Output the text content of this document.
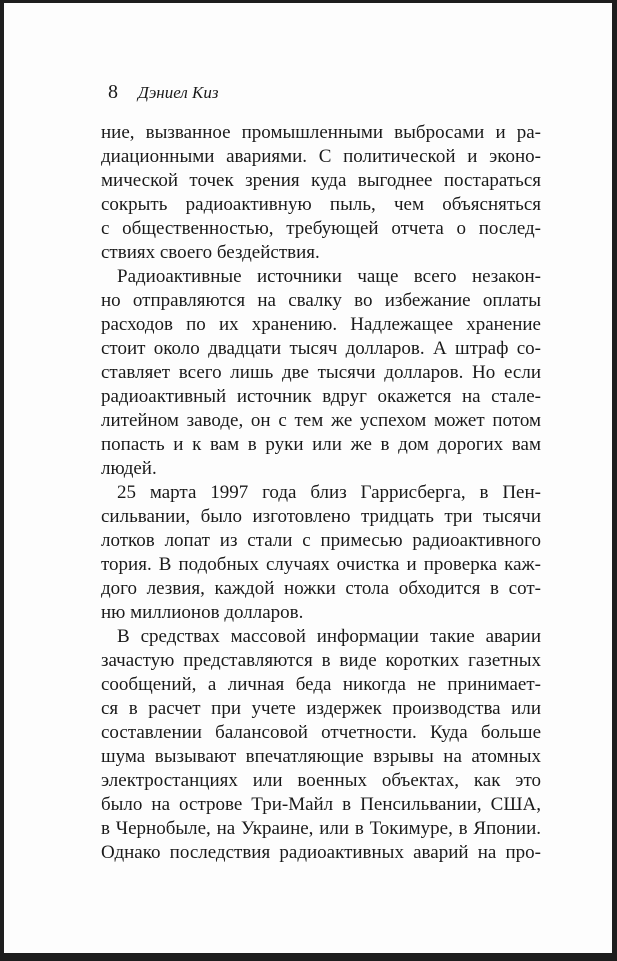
8 Дэниел Киз
ние, вызванное промышленными выбросами и ра-
диационными авариями. С политической и эконо-
мической точек зрения куда выгоднее постараться
сокрыть радиоактивную пыль, чем объясняться
с общественностью, требующей отчета о послед-
ствиях своего бездействия.
Радиоактивные источники чаще всего незакон-
но отправляются на свалку во избежание оплаты
расходов по их хранению. Надлежащее хранение
стоит около двадцати тысяч долларов. А штраф со-
ставляет всего лишь две тысячи долларов. Но если
радиоактивный источник вдруг окажется на стале-
литейном заводе, он с тем же успехом может потом
попасть и к вам в руки или же в дом дорогих вам
людей.
25 марта 1997 года близ Гаррисберга, в Пен-
сильвании, было изготовлено тридцать три тысячи
лотков лопат из стали с примесью радиоактивного
тория. В подобных случаях очистка и проверка каж-
дого лезвия, каждой ножки стола обходится в сот-
ню миллионов долларов.
В средствах массовой информации такие аварии
зачастую представляются в виде коротких газетных
сообщений, а личная беда никогда не принимает-
ся в расчет при учете издержек производства или
составлении балансовой отчетности. Куда больше
шума вызывают впечатляющие взрывы на атомных
электростанциях или военных объектах, как это
было на острове Три-Майл в Пенсильвании, США,
в Чернобыле, на Украине, или в Токимуре, в Японии.
Однако последствия радиоактивных аварий на про-
